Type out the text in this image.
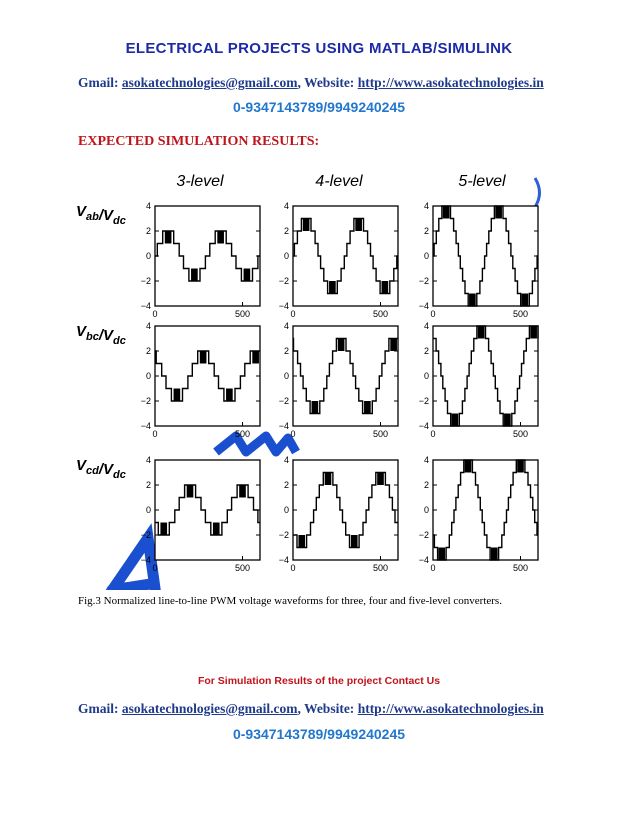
ELECTRICAL PROJECTS USING MATLAB/SIMULINK
Gmail: asokatechnologies@gmail.com, Website: http://www.asokatechnologies.in
0-9347143789/9949240245
EXPECTED SIMULATION RESULTS:
3-level	4-level	5-level
$V_{ab}/V_{dc}$
$V_{bc}/V_{dc}$
$V_{cd}/V_{dc}$
4
2
0
−2
−4
0	500
4
2
0
−2
−4
0	500
4
2
0
−2
−4
0	500
4
2
0
−2
−4
0	500
4
2
0
−2
−4
0	500
4
2
0
−2
−4
0	500
4
2
0
−2
−4
0	500
4
2
0
−2
−4
0	500
4
2
0
−2
−4
0	500
Fig.3 Normalized line-to-line PWM voltage waveforms for three, four and five-level converters.
For Simulation Results of the project Contact Us
Gmail: asokatechnologies@gmail.com, Website: http://www.asokatechnologies.in
0-9347143789/9949240245
